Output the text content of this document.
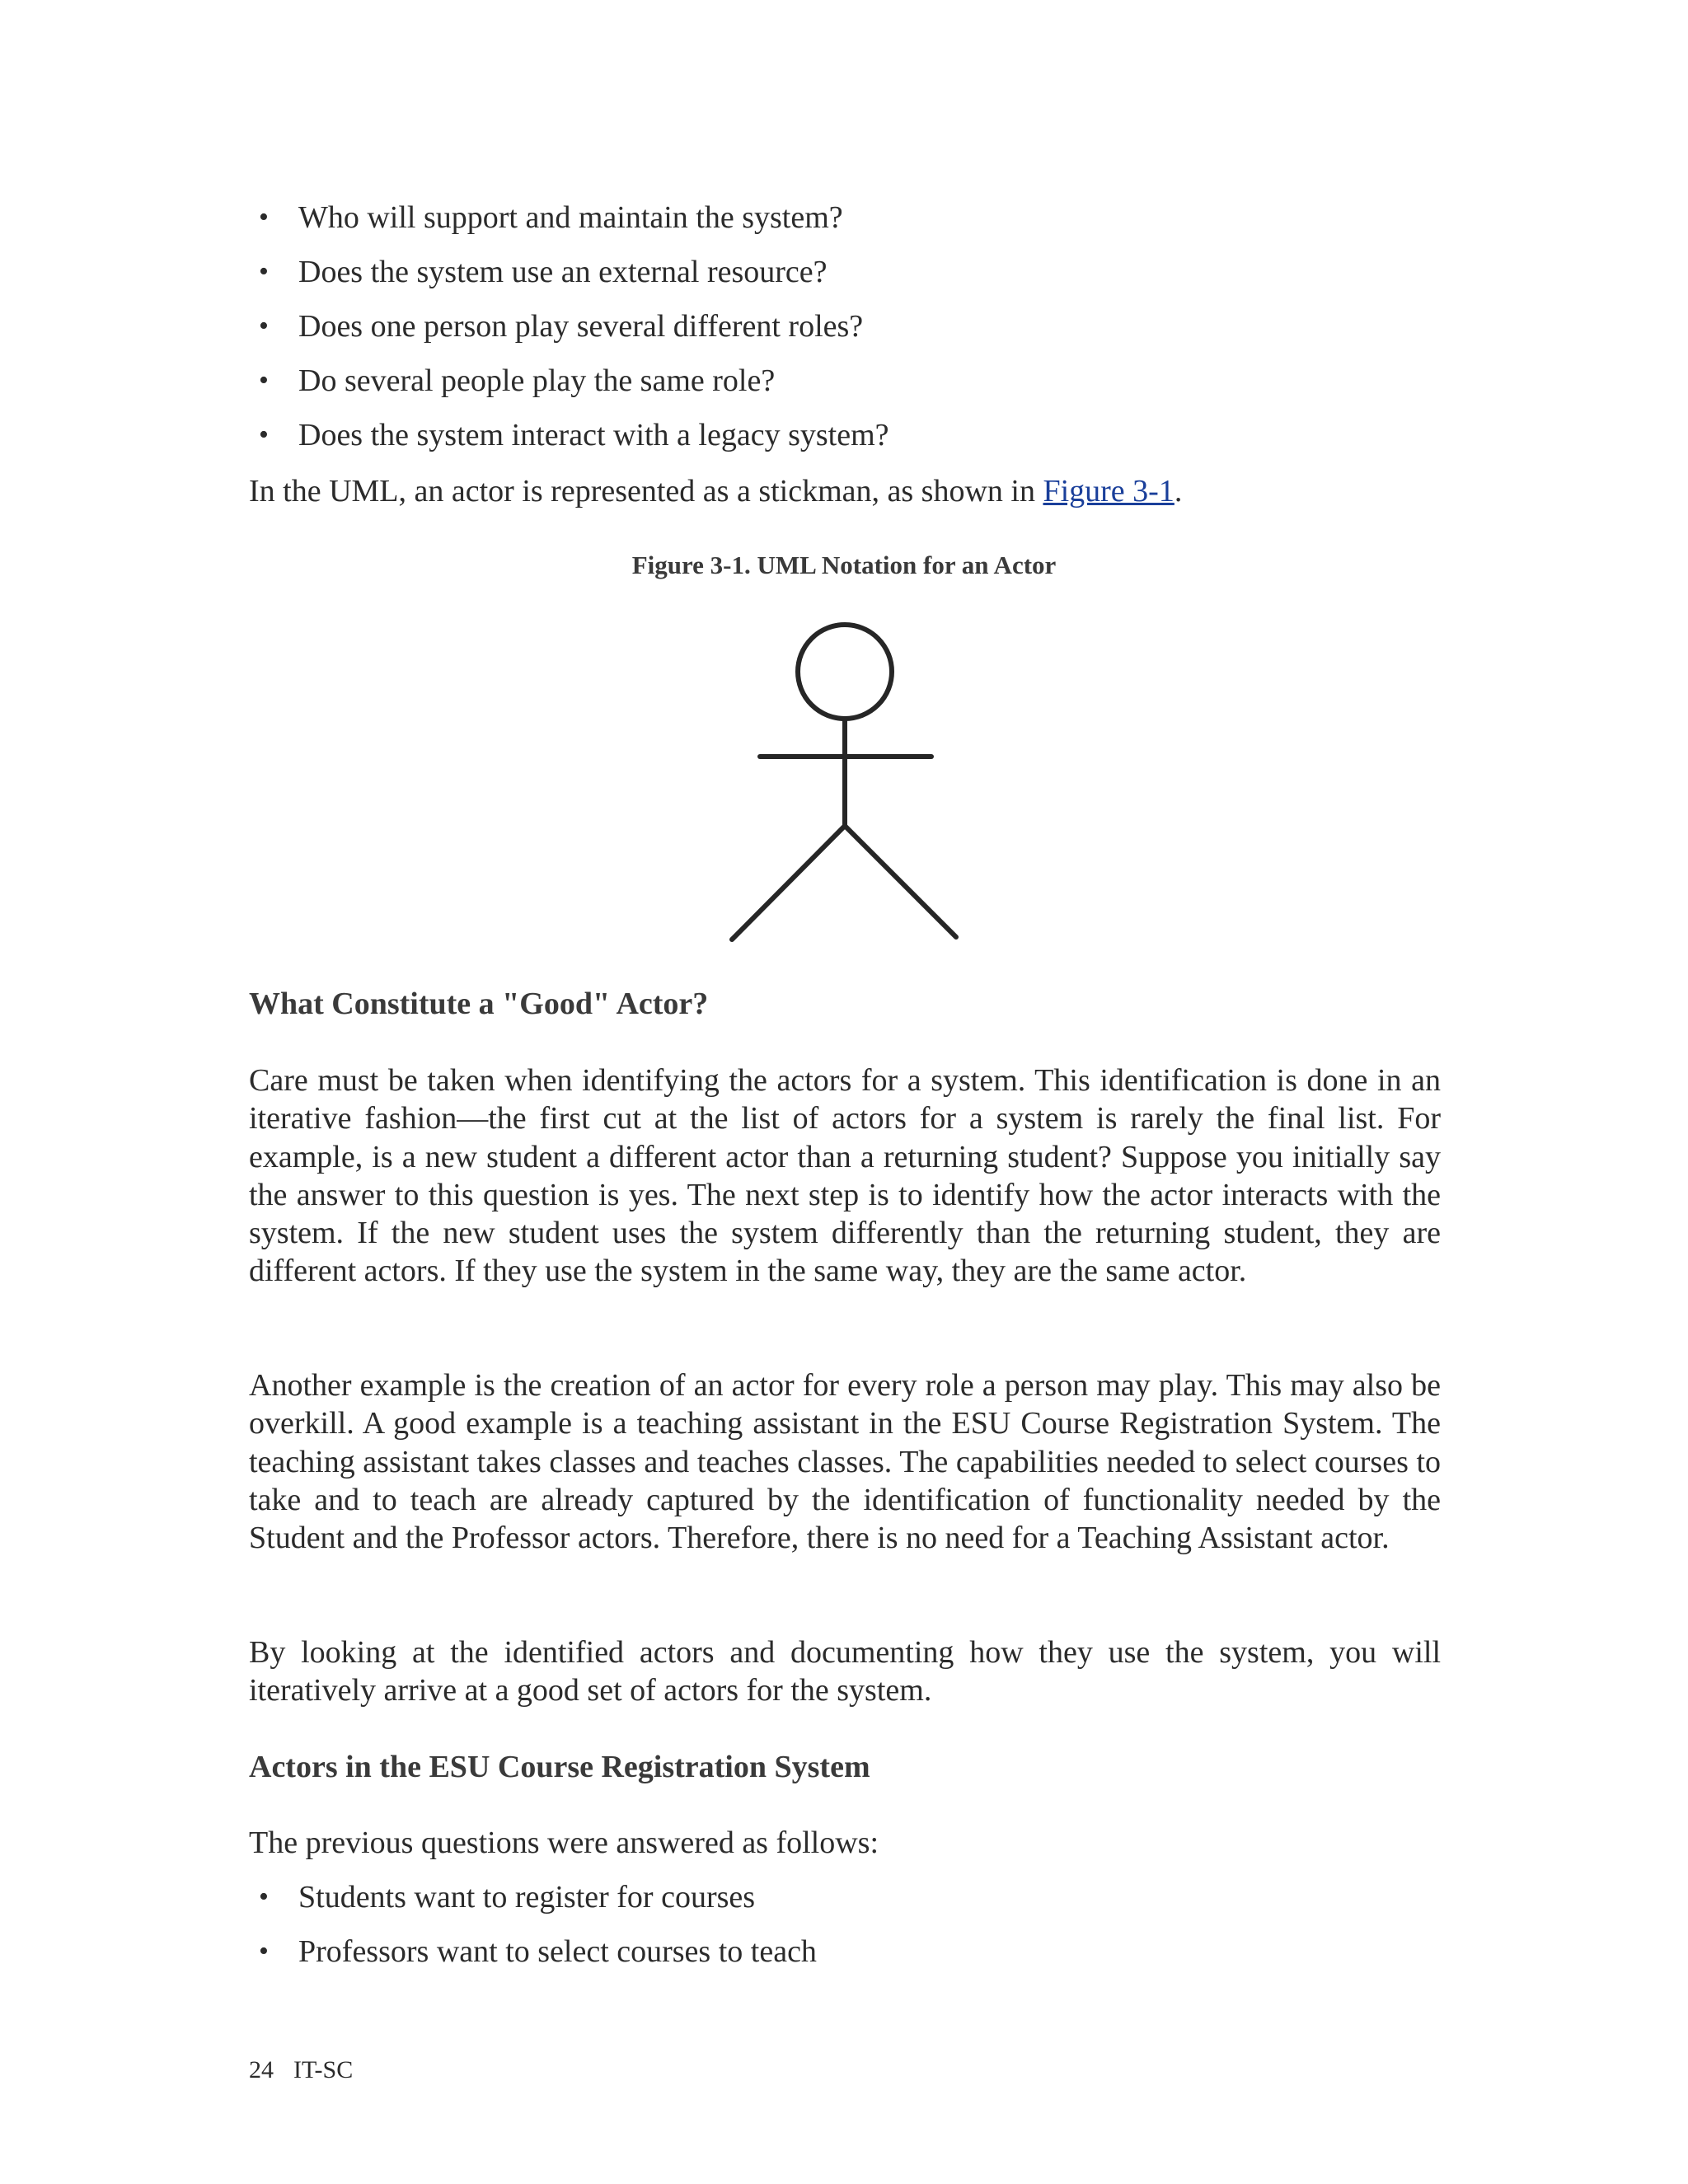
• Who will support and maintain the system?
• Does the system use an external resource?
• Does one person play several different roles?
• Do several people play the same role?
• Does the system interact with a legacy system?
In the UML, an actor is represented as a stickman, as shown in Figure 3-1.
Figure 3-1. UML Notation for an Actor
What Constitute a "Good" Actor?

Care must be taken when identifying the actors for a system. This identification is done in an iterative fashion—the first cut at the list of actors for a system is rarely the final list. For example, is a new student a different actor than a returning student? Suppose you initially say the answer to this question is yes. The next step is to identify how the actor interacts with the system. If the new student uses the system differently than the returning student, they are different actors. If they use the system in the same way, they are the same actor.

Another example is the creation of an actor for every role a person may play. This may also be overkill. A good example is a teaching assistant in the ESU Course Registration System. The teaching assistant takes classes and teaches classes. The capabilities needed to select courses to take and to teach are already captured by the identification of functionality needed by the Student and the Professor actors. Therefore, there is no need for a Teaching Assistant actor.

By looking at the identified actors and documenting how they use the system, you will iteratively arrive at a good set of actors for the system.

Actors in the ESU Course Registration System
The previous questions were answered as follows:
• Students want to register for courses
• Professors want to select courses to teach
24 IT-SC
